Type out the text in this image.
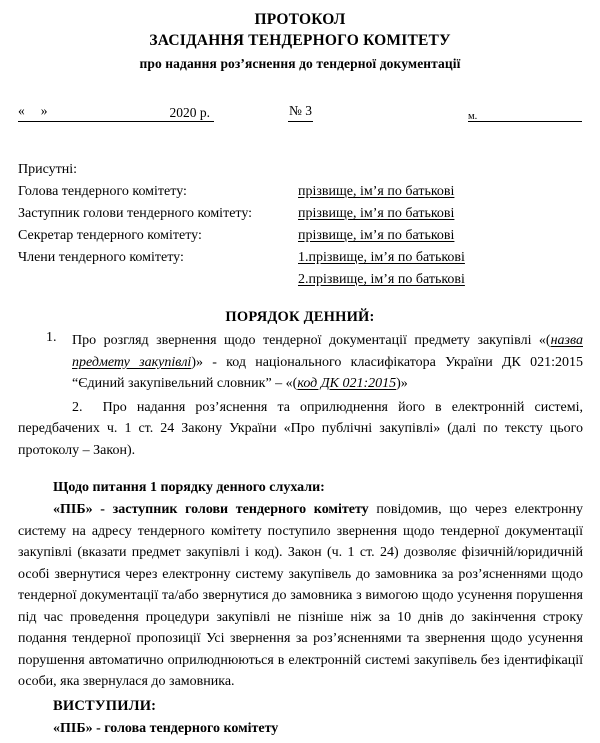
ПРОТОКОЛ
ЗАСІДАННЯ ТЕНДЕРНОГО КОМІТЕТУ
про надання роз’яснення до тендерної документації
« »	2020 р.	№ 3	$_{м.}$
Присутні:
Голова тендерного комітету:	прізвище, ім’я по батькові
Заступник голови тендерного комітету:	прізвище, ім’я по батькові
Секретар тендерного комітету:	прізвище, ім’я по батькові
Члени тендерного комітету:	1.прізвище, ім’я по батькові
2.прізвище, ім’я по батькові
ПОРЯДОК ДЕННИЙ:
1. Про розгляд звернення щодо тендерної документації предмету закупівлі «(назва предмету закупівлі)» - код національного класифікатора України ДК 021:2015 “Єдиний закупівельний словник” – «(код ДК 021:2015)»
2. Про надання роз’яснення та оприлюднення його в електронній системі, передбачених ч. 1 ст. 24 Закону України «Про публічні закупівлі» (далі по тексту цього протоколу – Закон).
Щодо питання 1 порядку денного слухали:
«ПІБ» - заступник голови тендерного комітету повідомив, що через електронну систему на адресу тендерного комітету поступило звернення щодо тендерної документації закупівлі (вказати предмет закупівлі і код). Закон (ч. 1 ст. 24) дозволяє фізичній/юридичній особі звернутися через електронну систему закупівель до замовника за роз’ясненнями щодо тендерної документації та/або звернутися до замовника з вимогою щодо усунення порушення під час проведення процедури закупівлі не пізніше ніж за 10 днів до закінчення строку подання тендерної пропозиції Усі звернення за роз’ясненнями та звернення щодо усунення порушення автоматично оприлюднюються в електронній системі закупівель без ідентифікації особи, яка звернулася до замовника.
ВИСТУПИЛИ:
«ПІБ» - голова тендерного комітету
